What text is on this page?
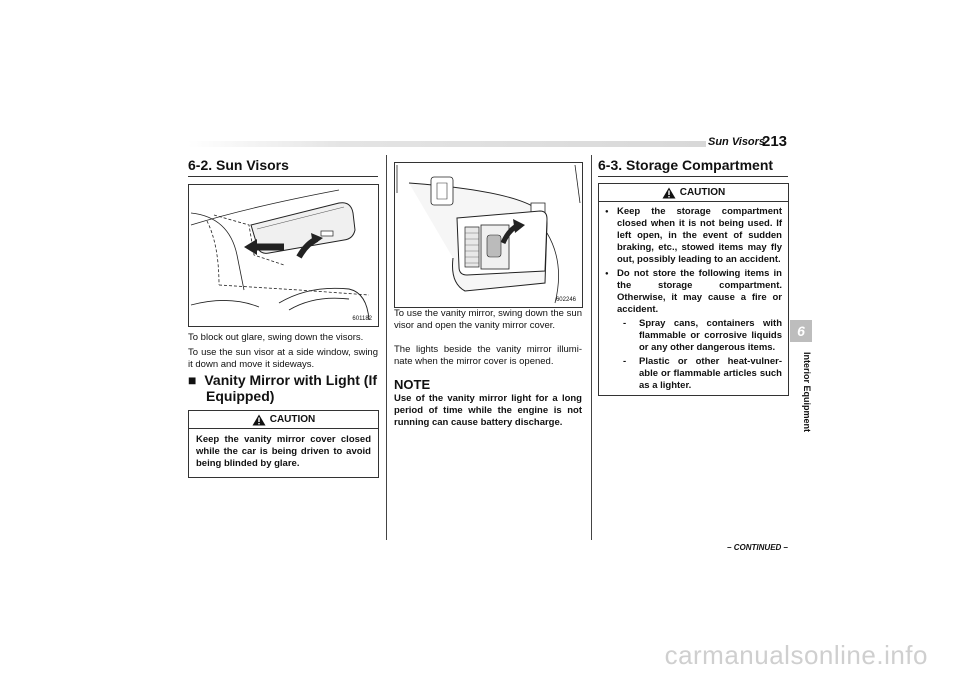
Sun Visors
213
6-2. Sun Visors
601182
To block out glare, swing down the visors.
To use the sun visor at a side window, swing it down and move it sideways.
■ Vanity Mirror with Light (If
Equipped)
CAUTION
Keep the vanity mirror cover closed while the car is being driven to avoid being blinded by glare.
602246
To use the vanity mirror, swing down the sun visor and open the vanity mirror cover.
The lights beside the vanity mirror illumi- nate when the mirror cover is opened.
NOTE
Use of the vanity mirror light for a long period of time while the engine is not running can cause battery discharge.
6-3. Storage Compartment
CAUTION
● Keep the storage compartment closed when it is not being used. If left open, in the event of sudden braking, etc., stowed items may fly out, possibly leading to an accident.
● Do not store the following items in the storage compartment. Otherwise, it may cause a fire or accident.
- Spray cans, containers with flammable or corrosive liquids or any other dangerous items.
- Plastic or other heat-vulner- able or flammable articles such as a lighter.
– CONTINUED –
6
Interior Equipment
carmanualsonline.info
